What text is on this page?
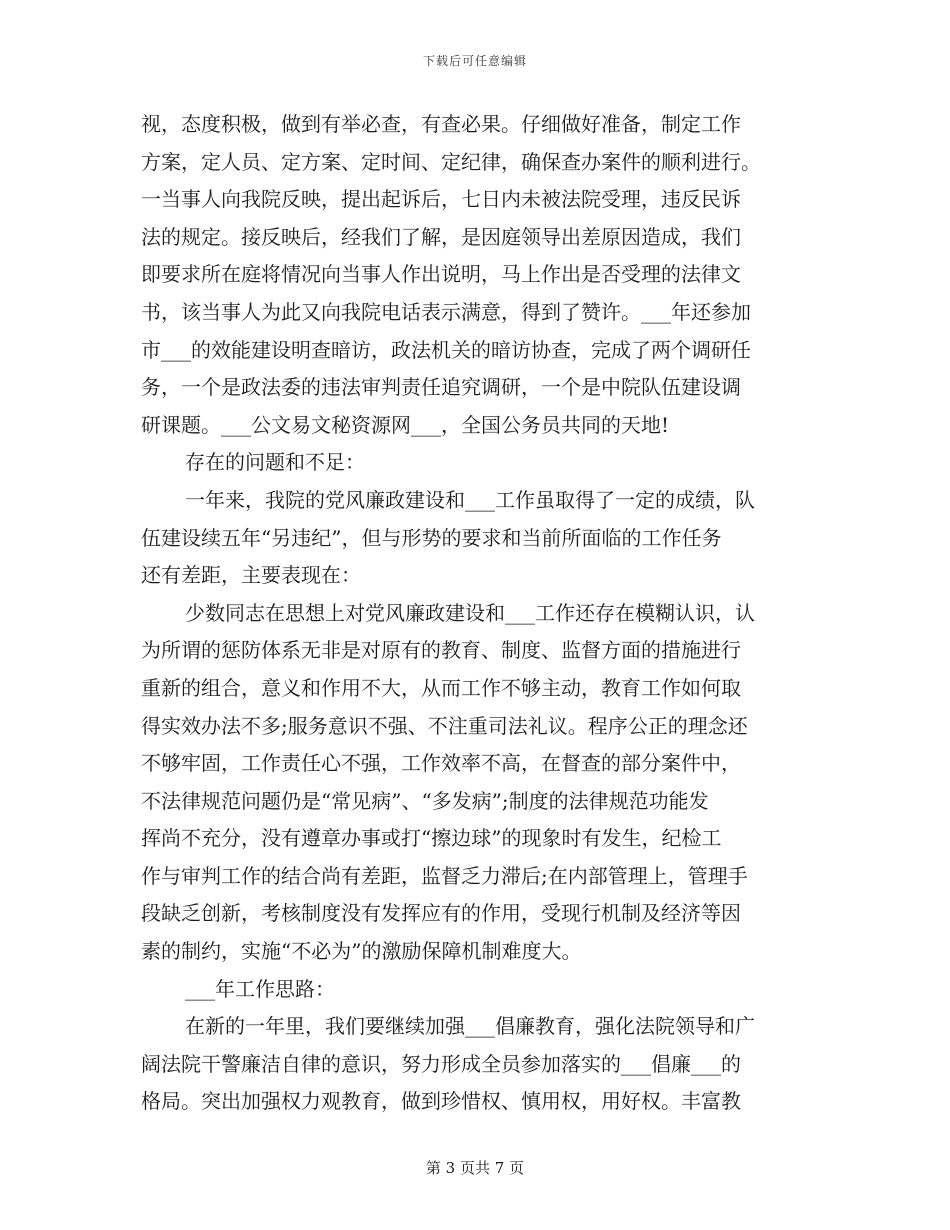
下载后可任意编辑
视，态度积极，做到有举必查，有查必果。仔细做好准备，制定工作
方案，定人员、定方案、定时间、定纪律，确保查办案件的顺利进行。
一当事人向我院反映，提出起诉后，七日内未被法院受理，违反民诉
法的规定。接反映后，经我们了解，是因庭领导出差原因造成，我们
即要求所在庭将情况向当事人作出说明，马上作出是否受理的法律文
书，该当事人为此又向我院电话表示满意，得到了赞许。___年还参加
市___的效能建设明查暗访，政法机关的暗访协查，完成了两个调研任
务，一个是政法委的违法审判责任追究调研，一个是中院队伍建设调
研课题。___公文易文秘资源网___，全国公务员共同的天地!
存在的问题和不足：
一年来，我院的党风廉政建设和___工作虽取得了一定的成绩，队
伍建设续五年“另违纪”，但与形势的要求和当前所面临的工作任务
还有差距，主要表现在：
少数同志在思想上对党风廉政建设和___工作还存在模糊认识，认
为所谓的惩防体系无非是对原有的教育、制度、监督方面的措施进行
重新的组合，意义和作用不大，从而工作不够主动，教育工作如何取
得实效办法不多;服务意识不强、不注重司法礼议。程序公正的理念还
不够牢固，工作责任心不强，工作效率不高，在督查的部分案件中，
不法律规范问题仍是“常见病”、“多发病”;制度的法律规范功能发
挥尚不充分，没有遵章办事或打“擦边球”的现象时有发生，纪检工
作与审判工作的结合尚有差距，监督乏力滞后;在内部管理上，管理手
段缺乏创新，考核制度没有发挥应有的作用，受现行机制及经济等因
素的制约，实施“不必为”的激励保障机制难度大。
___年工作思路：
在新的一年里，我们要继续加强___倡廉教育，强化法院领导和广
阔法院干警廉洁自律的意识，努力形成全员参加落实的___倡廉___的
格局。突出加强权力观教育，做到珍惜权、慎用权，用好权。丰富教
第 3 页共 7 页
